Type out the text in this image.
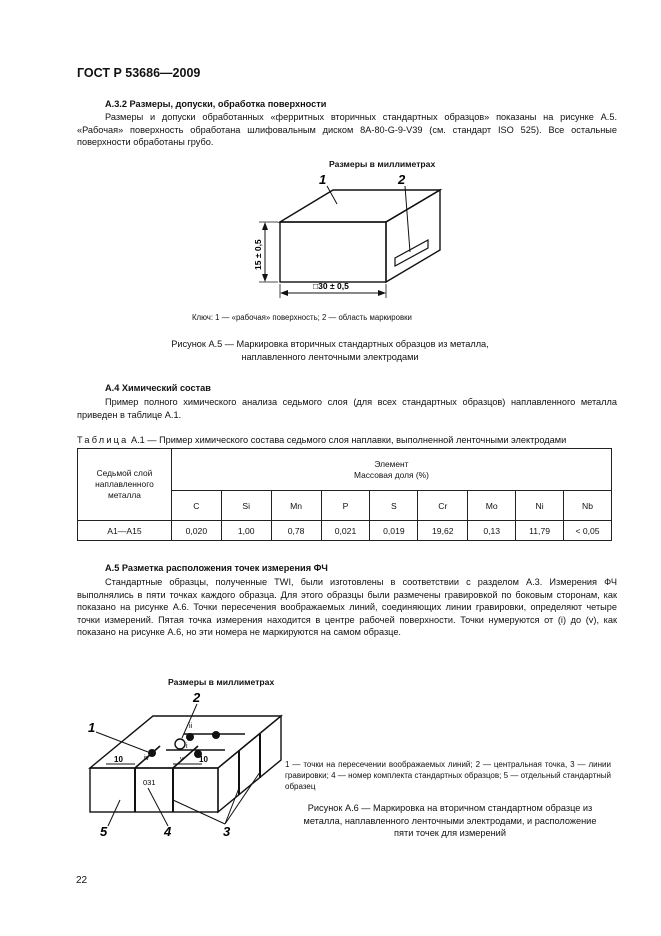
ГОСТ Р 53686—2009
А.3.2 Размеры, допуски, обработка поверхности
Размеры и допуски обработанных «ферритных вторичных стандартных образцов» показаны на рисунке А.5. «Рабочая» поверхность обработана шлифовальным диском 8А-80-G-9-V39 (см. стандарт ISO 525). Все остальные поверхности обработаны грубо.
Размеры в миллиметрах
1	2
15 ± 0,5
□30 ± 0,5
Ключ: 1 — «рабочая» поверхность; 2 — область маркировки
Рисунок А.5 — Маркировка вторичных стандартных образцов из металла,
наплавленного ленточными электродами
А.4 Химический состав
Пример полного химического анализа седьмого слоя (для всех стандартных образцов) наплавленного металла приведен в таблице А.1.
Таблица А.1 — Пример химического состава седьмого слоя наплавки, выполненной ленточными электродами
Седьмой слой наплавленного металла	Элемент
Массовая доля (%)								

	C	Si	Mn	P	S	Cr	Mo	Ni	Nb
А1—А15	0,020	1,00	0,78	0,021	0,019	19,62	0,13	11,79	< 0,05
А.5 Разметка расположения точек измерения ФЧ
Стандартные образцы, полученные TWI, были изготовлены в соответствии с разделом А.3. Измерения ФЧ выполнялись в пяти точках каждого образца. Для этого образцы были размечены гравировкой по боковым сторонам, как показано на рисунке А.6. Точки пересечения воображаемых линий, соединяющих линии гравировки, определяют четыре точки измерений. Пятая точка измерения находится в центре рабочей поверхности. Точки нумеруются от (i) до (v), как показано на рисунке А.6, но эти номера не маркируются на самом образце.
Размеры в миллиметрах
ii
i
iv	v
10	10
031
1
2
3
4
5
1 — точки на пересечении воображаемых линий; 2 — центральная точка, 3 — линии гравировки; 4 — номер комплекта стандартных образцов; 5 — отдельный стандартный образец
Рисунок А.6 — Маркировка на вторичном стандартном образце из
металла, наплавленного ленточными электродами, и расположение
пяти точек для измерений
22
